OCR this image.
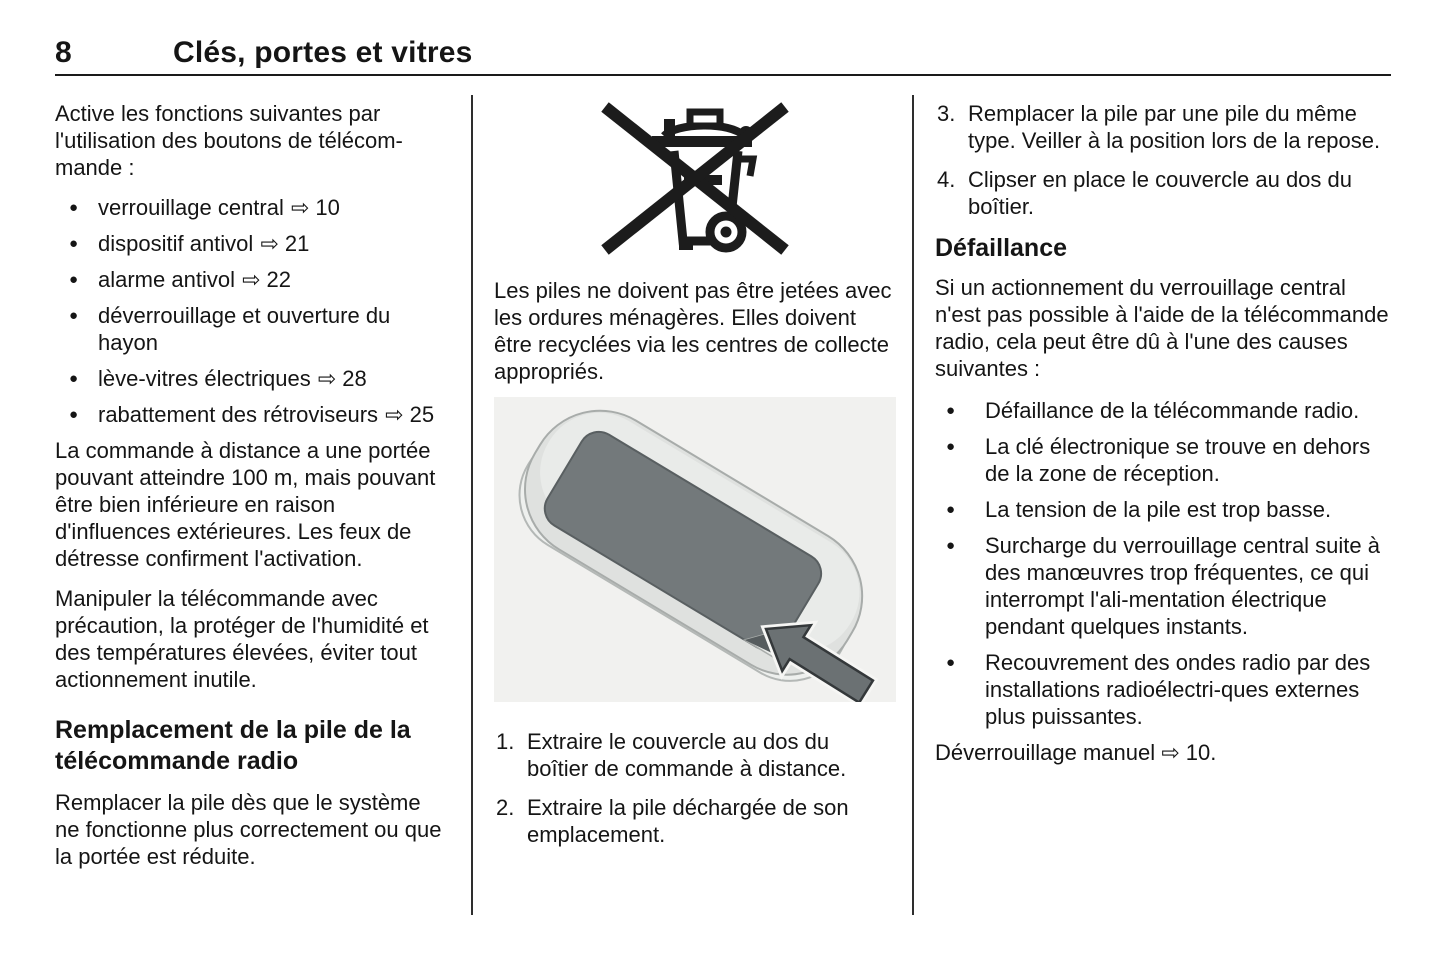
8	Clés, portes et vitres

Active les fonctions suivantes par l'utilisation des boutons de télécom-mande :

● verrouillage central ⇨ 10
● dispositif antivol ⇨ 21
● alarme antivol ⇨ 22
● déverrouillage et ouverture du hayon
● lève-vitres électriques ⇨ 28
● rabattement des rétroviseurs ⇨ 25

La commande à distance a une portée pouvant atteindre 100 m, mais pouvant être bien inférieure en raison d'influences extérieures. Les feux de détresse confirment l'activation.

Manipuler la télécommande avec précaution, la protéger de l'humidité et des températures élevées, éviter tout actionnement inutile.

Remplacement de la pile de la télécommande radio

Remplacer la pile dès que le système ne fonctionne plus correctement ou que la portée est réduite.

Les piles ne doivent pas être jetées avec les ordures ménagères. Elles doivent être recyclées via les centres de collecte appropriés.

1. Extraire le couvercle au dos du boîtier de commande à distance.
2. Extraire la pile déchargée de son emplacement.
3. Remplacer la pile par une pile du même type. Veiller à la position lors de la repose.
4. Clipser en place le couvercle au dos du boîtier.
Défaillance

Si un actionnement du verrouillage central n'est pas possible à l'aide de la télécommande radio, cela peut être dû à l'une des causes suivantes :

●	Défaillance de la télécommande radio.
●	La clé électronique se trouve en dehors de la zone de réception.
●	La tension de la pile est trop basse.
●	Surcharge du verrouillage central suite à des manœuvres trop fréquentes, ce qui interrompt l'ali-mentation électrique pendant quelques instants.
●	Recouvrement des ondes radio par des installations radioélectri-ques externes plus puissantes.

Déverrouillage manuel ⇨ 10.
